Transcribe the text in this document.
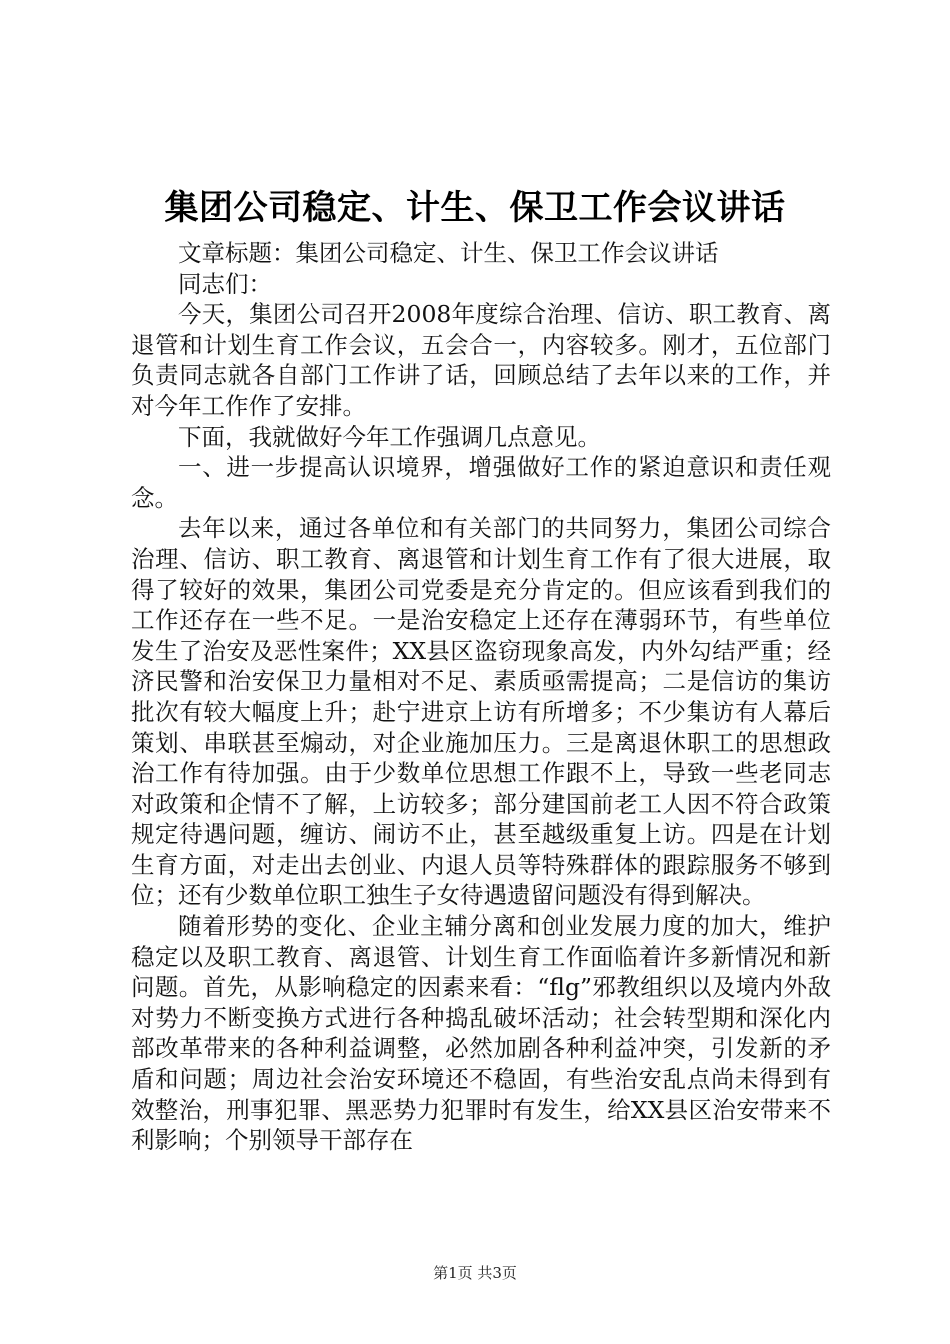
集团公司稳定、计生、保卫工作会议讲话

文章标题：集团公司稳定、计生、保卫工作会议讲话

同志们：

今天，集团公司召开2008年度综合治理、信访、职工教育、离退管和计划生育工作会议，五会合一，内容较多。刚才，五位部门负责同志就各自部门工作讲了话，回顾总结了去年以来的工作，并对今年工作作了安排。

下面，我就做好今年工作强调几点意见。

一、进一步提高认识境界，增强做好工作的紧迫意识和责任观念。

去年以来，通过各单位和有关部门的共同努力，集团公司综合治理、信访、职工教育、离退管和计划生育工作有了很大进展，取得了较好的效果，集团公司党委是充分肯定的。但应该看到我们的工作还存在一些不足。一是治安稳定上还存在薄弱环节，有些单位发生了治安及恶性案件；XX县区盗窃现象高发，内外勾结严重；经济民警和治安保卫力量相对不足、素质亟需提高；二是信访的集访批次有较大幅度上升；赴宁进京上访有所增多；不少集访有人幕后策划、串联甚至煽动，对企业施加压力。三是离退休职工的思想政治工作有待加强。由于少数单位思想工作跟不上，导致一些老同志对政策和企情不了解，上访较多；部分建国前老工人因不符合政策规定待遇问题，缠访、闹访不止，甚至越级重复上访。四是在计划生育方面，对走出去创业、内退人员等特殊群体的跟踪服务不够到位；还有少数单位职工独生子女待遇遗留问题没有得到解决。

随着形势的变化、企业主辅分离和创业发展力度的加大，维护稳定以及职工教育、离退管、计划生育工作面临着许多新情况和新问题。首先，从影响稳定的因素来看：“flg”邪教组织以及境内外敌对势力不断变换方式进行各种捣乱破坏活动；社会转型期和深化内部改革带来的各种利益调整，必然加剧各种利益冲突，引发新的矛盾和问题；周边社会治安环境还不稳固，有些治安乱点尚未得到有效整治，刑事犯罪、黑恶势力犯罪时有发生，给XX县区治安带来不利影响；个别领导干部存在

第1页 共3页
